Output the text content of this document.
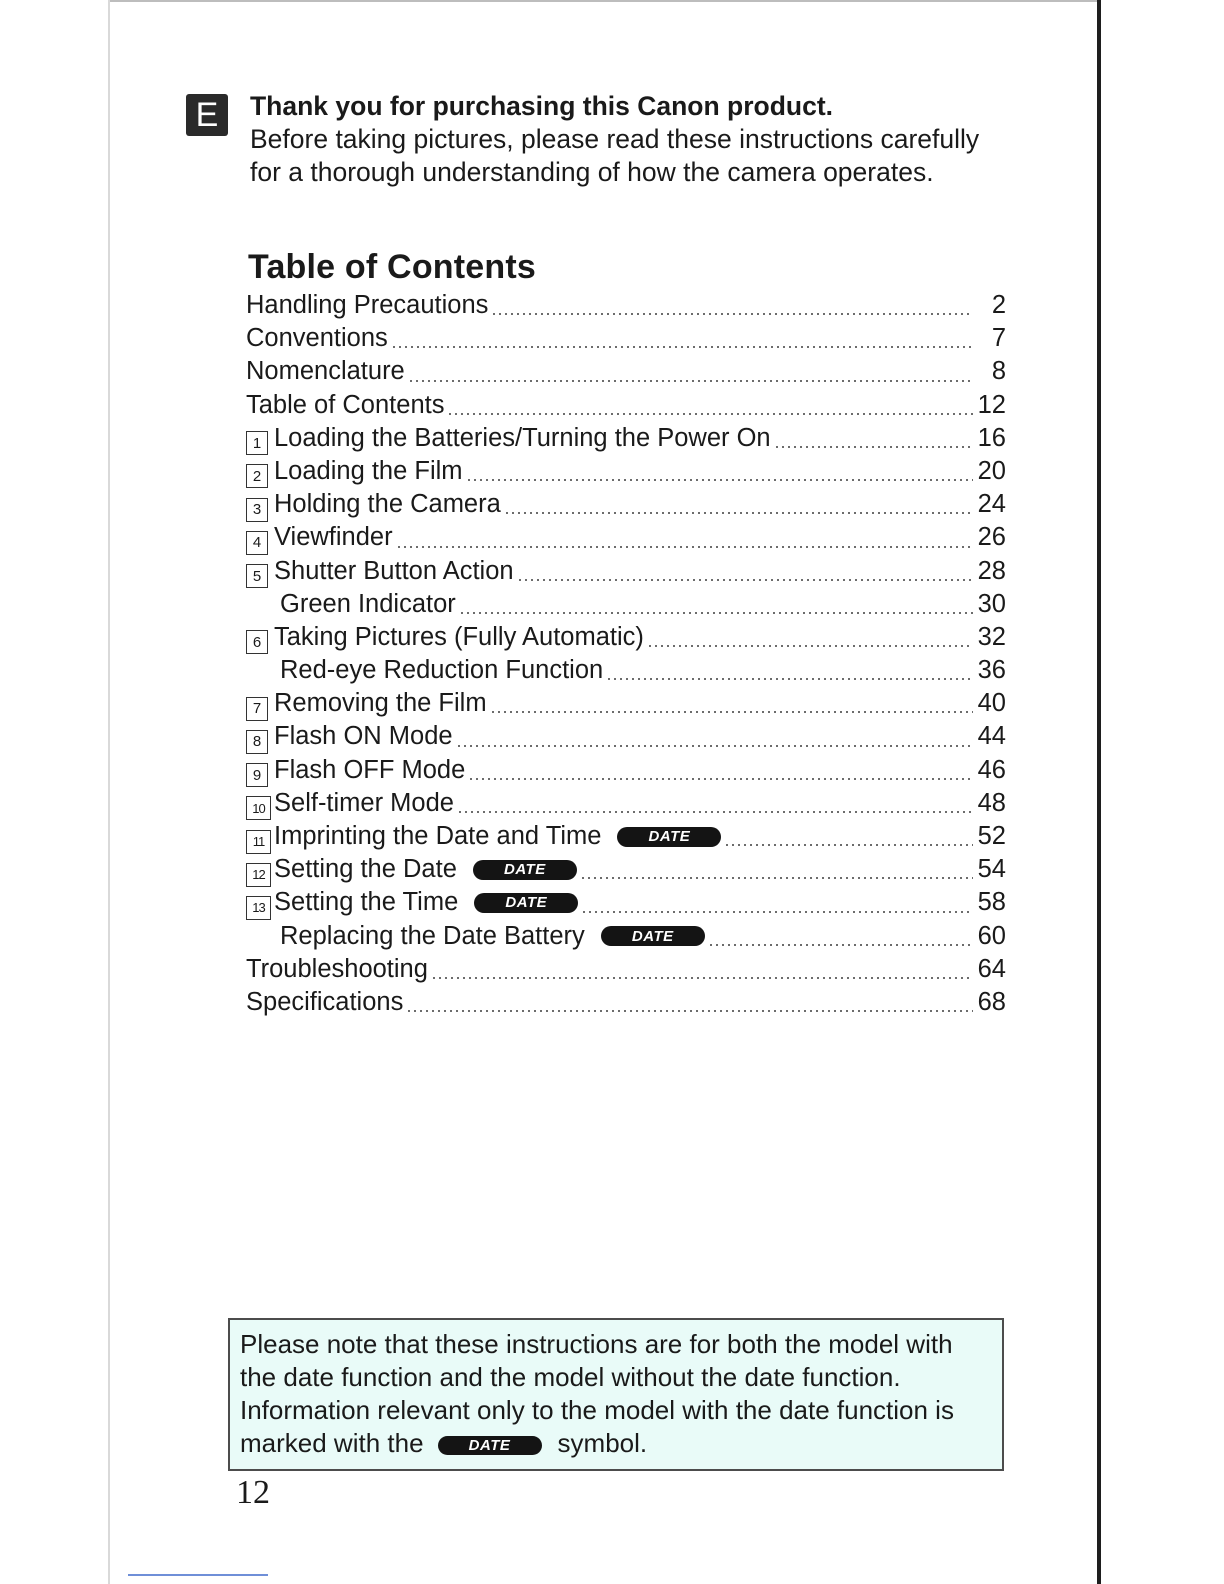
E	Thank you for purchasing this Canon product.
Before taking pictures, please read these instructions carefully for a thorough understanding of how the camera operates.
Table of Contents
Handling Precautions	2
Conventions	7
Nomenclature	8
Table of Contents	12
1 Loading the Batteries/Turning the Power On	16
2 Loading the Film	20
3 Holding the Camera	24
4 Viewfinder	26
5 Shutter Button Action	28
Green Indicator	30
6 Taking Pictures (Fully Automatic)	32
Red-eye Reduction Function	36
7 Removing the Film	40
8 Flash ON Mode	44
9 Flash OFF Mode	46
10 Self-timer Mode	48
11 Imprinting the Date and Time	DATE	52
12 Setting the Date	DATE	54
13 Setting the Time	DATE	58
Replacing the Date Battery	DATE	60
Troubleshooting	64
Specifications	68
Please note that these instructions are for both the model with the date function and the model without the date function. Information relevant only to the model with the date function is marked with the	DATE symbol.
12
